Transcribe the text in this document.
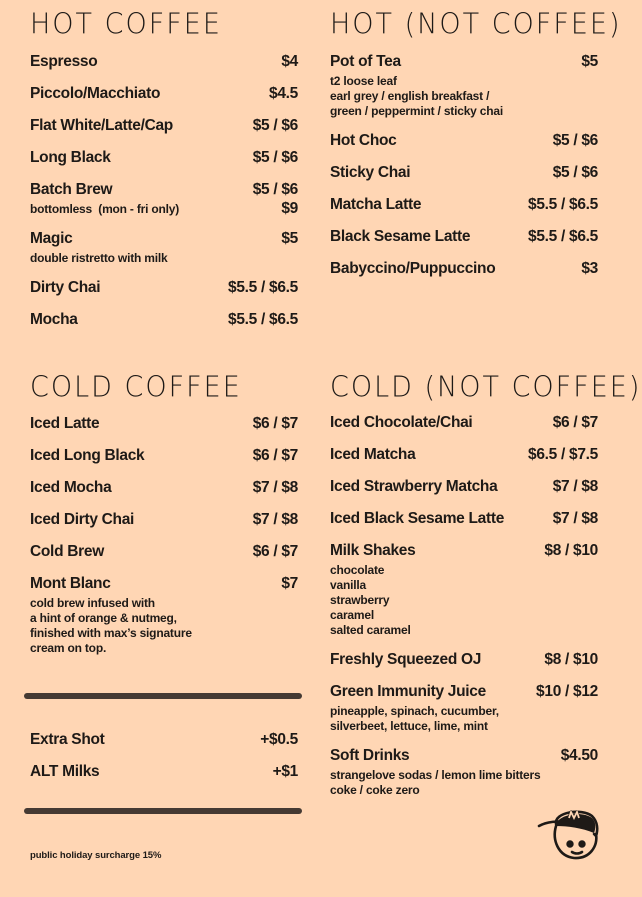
HOT COFFEE
Espresso	$4
Piccolo/Macchiato	$4.5
Flat White/Latte/Cap	$5 / $6
Long Black	$5 / $6
Batch Brew	$5 / $6
bottomless  (mon - fri only)	$9
Magic	$5
double ristretto with milk
Dirty Chai	$5.5 / $6.5
Mocha	$5.5 / $6.5
HOT (NOT COFFEE)
Pot of Tea	$5
t2 loose leaf
earl grey / english breakfast /
green / peppermint / sticky chai
Hot Choc	$5 / $6
Sticky Chai	$5 / $6
Matcha Latte	$5.5 / $6.5
Black Sesame Latte	$5.5 / $6.5
Babyccino/Puppuccino	$3
COLD COFFEE
Iced Latte	$6 / $7
Iced Long Black	$6 / $7
Iced Mocha	$7 / $8
Iced Dirty Chai	$7 / $8
Cold Brew	$6 / $7
Mont Blanc	$7
cold brew infused with
a hint of orange & nutmeg,
finished with max’s signature
cream on top.
COLD (NOT COFFEE)
Iced Chocolate/Chai	$6 / $7
Iced Matcha	$6.5 / $7.5
Iced Strawberry Matcha	$7 / $8
Iced Black Sesame Latte	$7 / $8
Milk Shakes	$8 / $10
chocolate
vanilla
strawberry
caramel
salted caramel
Freshly Squeezed OJ	$8 / $10
Green Immunity Juice	$10 / $12
pineapple, spinach, cucumber,
silverbeet, lettuce, lime, mint
Soft Drinks	$4.50
strangelove sodas / lemon lime bitters
coke / coke zero
Extra Shot	+$0.5
ALT Milks	+$1
public holiday surcharge 15%
